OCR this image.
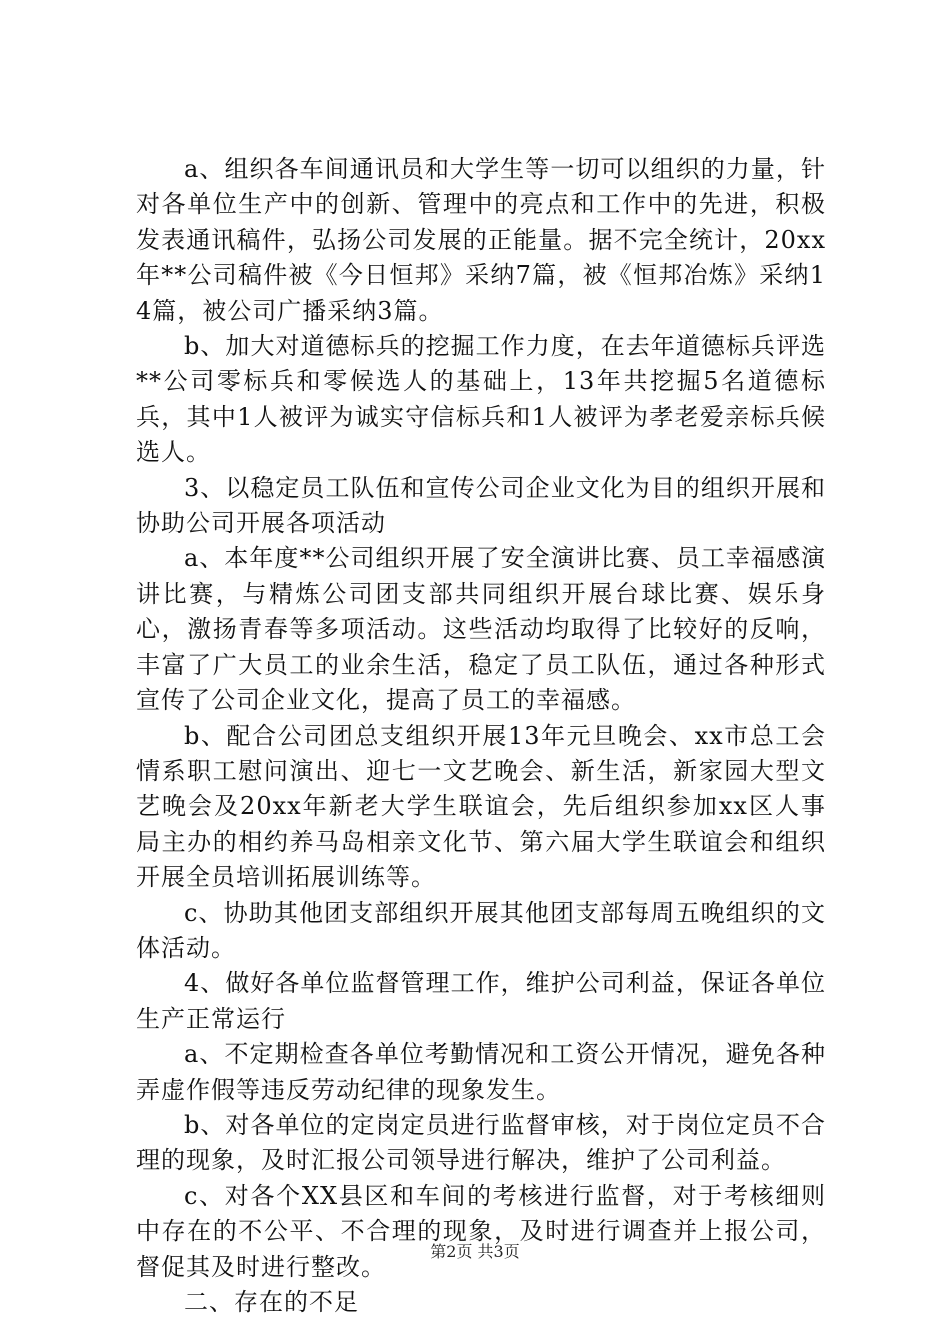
a、组织各车间通讯员和大学生等一切可以组织的力量，针对各单位生产中的创新、管理中的亮点和工作中的先进，积极发表通讯稿件，弘扬公司发展的正能量。据不完全统计，20xx年**公司稿件被《今日恒邦》采纳7篇，被《恒邦冶炼》采纳14篇，被公司广播采纳3篇。

b、加大对道德标兵的挖掘工作力度，在去年道德标兵评选**公司零标兵和零候选人的基础上，13年共挖掘5名道德标兵，其中1人被评为诚实守信标兵和1人被评为孝老爱亲标兵候选人。

3、以稳定员工队伍和宣传公司企业文化为目的组织开展和协助公司开展各项活动

a、本年度**公司组织开展了安全演讲比赛、员工幸福感演讲比赛，与精炼公司团支部共同组织开展台球比赛、娱乐身心，激扬青春等多项活动。这些活动均取得了比较好的反响，丰富了广大员工的业余生活，稳定了员工队伍，通过各种形式宣传了公司企业文化，提高了员工的幸福感。

b、配合公司团总支组织开展13年元旦晚会、xx市总工会情系职工慰问演出、迎七一文艺晚会、新生活，新家园大型文艺晚会及20xx年新老大学生联谊会，先后组织参加xx区人事局主办的相约养马岛相亲文化节、第六届大学生联谊会和组织开展全员培训拓展训练等。

c、协助其他团支部组织开展其他团支部每周五晚组织的文体活动。

4、做好各单位监督管理工作，维护公司利益，保证各单位生产正常运行

a、不定期检查各单位考勤情况和工资公开情况，避免各种弄虚作假等违反劳动纪律的现象发生。

b、对各单位的定岗定员进行监督审核，对于岗位定员不合理的现象，及时汇报公司领导进行解决，维护了公司利益。

c、对各个XX县区和车间的考核进行监督，对于考核细则中存在的不公平、不合理的现象，及时进行调查并上报公司，督促其及时进行整改。

二、存在的不足

第2页 共3页
